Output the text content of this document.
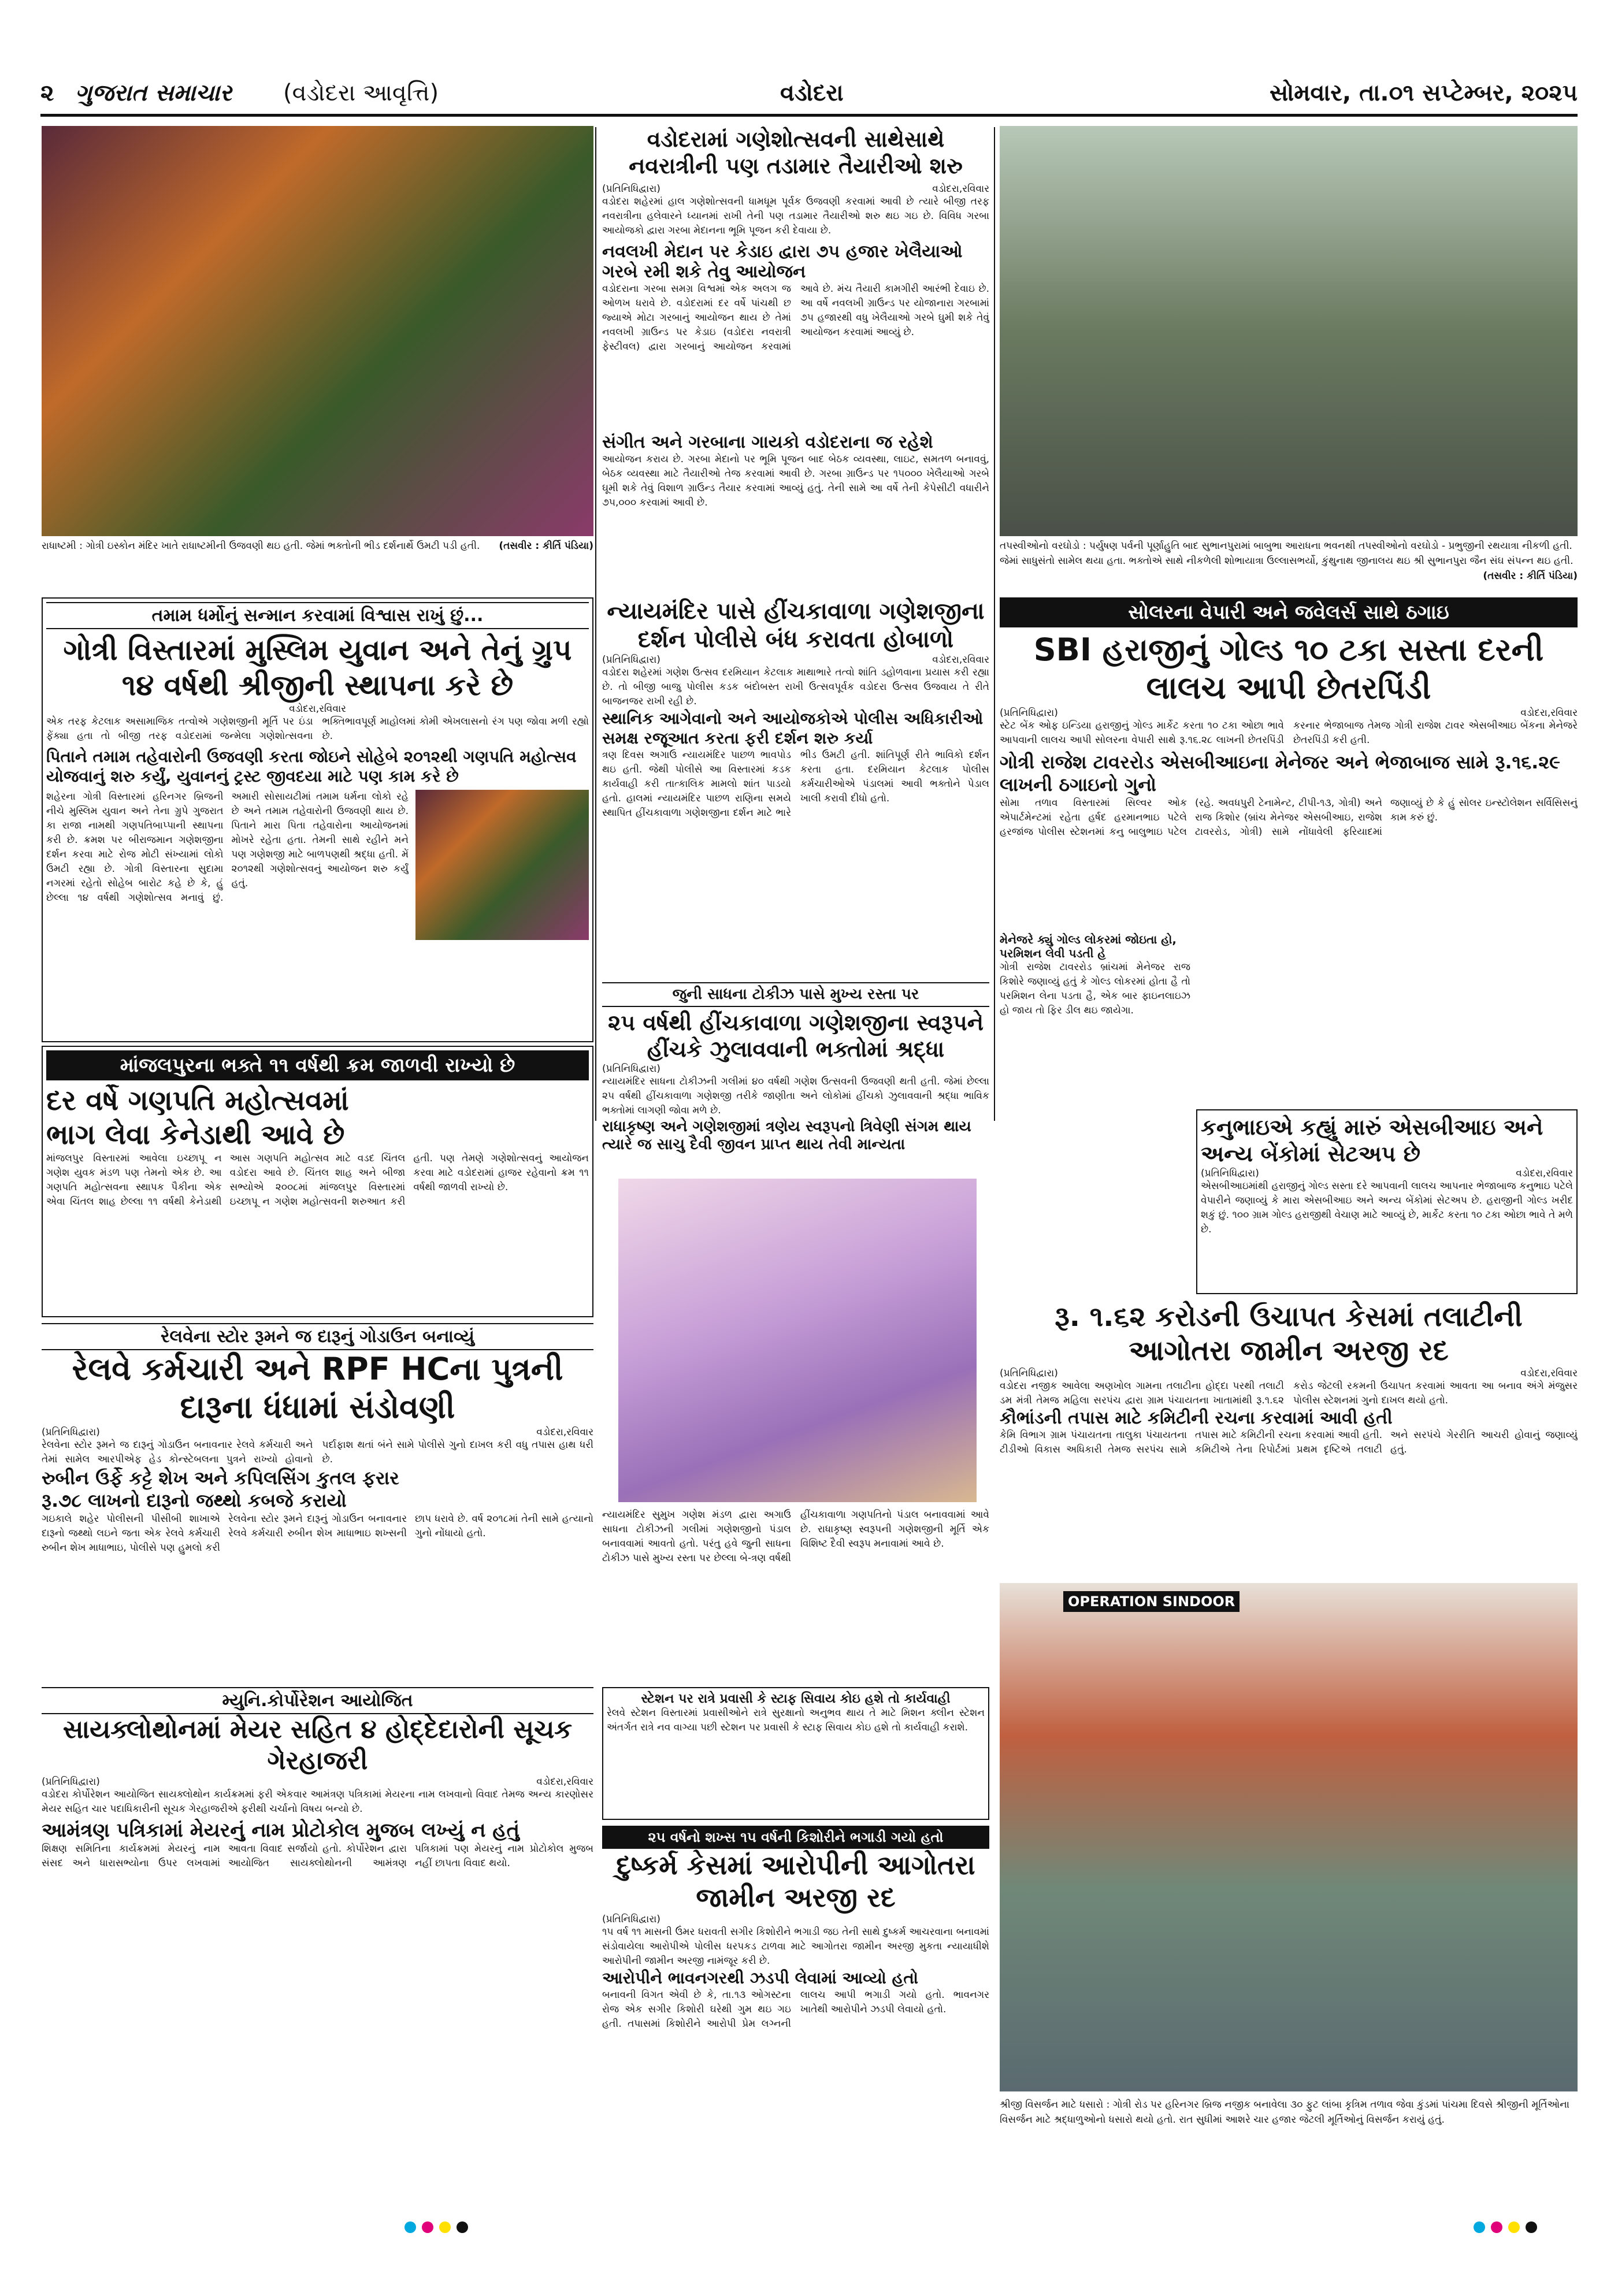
૨ ગુજરાત સમાચાર (વડોદરા આવૃત્તિ)	વડોદરા	સોમવાર, તા.૦૧ સપ્ટેમ્બર, ૨૦૨૫
રાધાષ્ટમી : ગોત્રી ઇસ્કોન મંદિર ખાતે રાધાષ્ટમીની ઉજવણી થઇ હતી. જેમાં ભક્તોની ભીડ દર્શનાર્થે ઉમટી પડી હતી. (તસવીર : કીર્તિ પંડિયા)
વડોદરામાં ગણેશોત્સવની સાથેસાથે નવરાત્રીની પણ તડામાર તૈયારીઓ શરુ
(પ્રતિનિધિદ્વારા)	વડોદરા,રવિવાર
વડોદરા શહેરમાં હાલ ગણેશોત્સવની ધામધૂમ પૂર્વક ઉજવણી કરવામાં આવી છે ત્યારે બીજી તરફ નવરાત્રીના હલેવારને ધ્યાનમાં રાખી તેની પણ તડામાર તૈયારીઓ શરુ થઇ ગઇ છે. વિવિધ ગરબા આયોજકો દ્વારા ગરબા મેદાનના ભૂમિ પૂજન કરી દેવાયા છે.
નવલખી મેદાન પર કેડાઇ દ્વારા ૭૫ હજાર ખેલૈયાઓ ગરબે રમી શકે તેવુ આયોજન
વડોદરાના ગરબા સમગ્ર વિશ્વમાં એક અલગ જ ઓળખ ધરાવે છે. વડોદરામાં દર વર્ષે પાંચથી છ જ્યાએ મોટા ગરબાનું આયોજન થાય છે તેમાં નવલખી ગ્રાઉન્ડ પર કેડાઇ (વડોદરા નવરાત્રી ફેસ્ટીવલ) દ્વારા ગરબાનું આયોજન કરવામાં આવે છે. મંચ તૈયારી કામગીરી આરંભી દેવાઇ છે. આ વર્ષે નવલખી ગ્રાઉન્ડ પર યોજાનારા ગરબામાં ૭૫ હજારથી વધુ ખેલૈયાઓ ગરબે ઘુમી શકે તેવું આયોજન કરવામાં આવ્યું છે.
સંગીત અને ગરબાના ગાયકો વડોદરાના જ રહેશે
આયોજન કરાય છે. ગરબા મેદાનો પર ભૂમિ પૂજન બાદ બેઠક વ્યવસ્થા, લાઇટ, સમતળ બનાવવું, બેઠક વ્યવસ્થા માટે તૈયારીઓ તેજ કરવામાં આવી છે. ગરબા ગ્રાઉન્ડ પર ૧૫૦૦૦ ખેલૈયાઓ ગરબે ઘૂમી શકે તેવું વિશાળ ગ્રાઉન્ડ તૈયાર કરવામાં આવ્યું હતું. તેની સામે આ વર્ષે તેની કેપેસીટી વધારીને ૭૫,૦૦૦ કરવામાં આવી છે.
તપસ્વીઓનો વરઘોડો : પર્યુષણ પર્વની પૂર્ણાહુતિ બાદ સુભાનપુરામાં બાબુભા આરાધના ભવનથી તપસ્વીઓનો વરઘોડો - પ્રભુજીની રથયાત્રા નીકળી હતી. જેમાં સાધુસંતો સામેલ થયા હતા. ભક્તોએ સાથે નીકળેલી શોભાયાત્રા ઉલ્લાસભર્યો, કુંથુનાથ જીનાલય થઇ શ્રી સુભાનપુરા જૈન સંઘ સંપન્ન થઇ હતી.
(તસવીર : કીર્તિ પંડિયા)
તમામ ધર્મોનું સન્માન કરવામાં વિશ્વાસ રાખું છું...
ગોત્રી વિસ્તારમાં મુસ્લિમ યુવાન અને તેનું ગ્રુપ ૧૪ વર્ષથી શ્રીજીની સ્થાપના કરે છે
વડોદરા,રવિવાર
એક તરફ કેટલાક અસામાજિક તત્વોએ ગણેશજીની મૂર્તિ પર ઇંડા ફેંક્યા હતા તો બીજી તરફ વડોદરામાં જન્મેલા ગણેશોત્સવના ભક્તિભાવપૂર્ણ માહોલમાં કોમી એખલાસનો રંગ પણ જોવા મળી રહ્યો છે.
પિતાને તમામ તહેવારોની ઉજવણી કરતા જોઇને સોહેબે ૨૦૧૨થી ગણપતિ મહોત્સવ યોજવાનું શરુ કર્યું, યુવાનનું ટ્રસ્ટ જીવદયા માટે પણ કામ કરે છે
શહેરના ગોત્રી વિસ્તારમાં હરિનગર બ્રિજની નીચે મુસ્લિમ યુવાન અને તેના ગ્રુપે ગુજરાત કા રાજા નામથી ગણપતિબાપ્પાની સ્થાપના કરી છે. ક્રમશ પર બીરાજમાન ગણેશજીના દર્શન કરવા માટે રોજ મોટી સંખ્યામાં લોકો ઉમટી રહ્યા છે. ગોત્રી વિસ્તારના સુદામા નગરમાં રહેતો સોહેબ બારોટ કહે છે કે, હું છેલ્લા ૧૪ વર્ષથી ગણેશોત્સવ મનાવું છું. અમારી સોસાયટીમાં તમામ ધર્મના લોકો રહે છે અને તમામ તહેવારોની ઉજવણી થાય છે. પિતાને મારા પિતા તહેવારોના આયોજનમાં મોખરે રહેતા હતા. તેમની સાથે રહીને મને પણ ગણેશજી માટે બાળપણથી શ્રદ્ધા હતી. મેં ૨૦૧૨થી ગણેશોત્સવનું આયોજન શરુ કર્યું હતું.
માંજલપુરના ભક્તે ૧૧ વર્ષથી ક્રમ જાળવી રાખ્યો છે
દર વર્ષે ગણપતિ મહોત્સવમાં ભાગ લેવા કેનેડાથી આવે છે
માંજલપુર વિસ્તારમાં આવેલા ઇચ્છાપૂ ન ગણેશ યુવક મંડળ પણ તેમનો એક છે. આ ગણપતિ મહોત્સવના સ્થાપક પૈકીના એક એવા ચિંતલ શાહ છેલ્લા ૧૧ વર્ષથી કેનેડાથી આસ ગણપતિ મહોત્સવ માટે વડદ ચિંતલ વડોદરા આવે છે. ચિંતલ શાહ અને બીજા સભ્યોએ ૨૦૦૮માં માંજલપુર વિસ્તારમાં ઇચ્છાપૂ ન ગણેશ મહોત્સવની શરુઆત કરી હતી. પણ તેમણે ગણેશોત્સવનું આયોજન કરવા માટે વડોદરામાં હાજર રહેવાનો ક્રમ ૧૧ વર્ષથી જાળવી રાખ્યો છે.
ન્યાયમંદિર પાસે હીંચકાવાળા ગણેશજીના દર્શન પોલીસે બંધ કરાવતા હોબાળો
(પ્રતિનિધિદ્વારા)	વડોદરા,રવિવાર
વડોદરા શહેરમાં ગણેશ ઉત્સવ દરમિયાન કેટલાક માથાભારે તત્વો શાંતિ ડહોળવાના પ્રયાસ કરી રહ્યા છે. તો બીજી બાજુ પોલીસ કડક બંદોબસ્ત રાખી ઉત્સવપૂર્વક વડોદરા ઉત્સવ ઉજવાય તે રીતે બાજનજર રાખી રહી છે.
સ્થાનિક આગેવાનો અને આયોજકોએ પોલીસ અધિકારીઓ સમક્ષ રજૂઆત કરતા ફરી દર્શન શરુ કર્યા
ત્રણ દિવસ અગાઉ ન્યાયમંદિર પાછળ ભાવપોડ થઇ હતી. જેથી પોલીસે આ વિસ્તારમાં કડક કાર્યવાહી કરી તાત્કાલિક મામલો શાંત પાડયો હતો. હાલમાં ન્યાયમંદિર પાછળ રાણિના સમયે સ્થાપિત હીંચકાવાળા ગણેશજીના દર્શન માટે ભારે ભીડ ઉમટી હતી. શાંતિપૂર્ણ રીતે ભાવિકો દર્શન કરતા હતા. દરમિયાન કેટલાક પોલીસ કર્મચારીઓએ પંડાલમાં આવી ભક્તોને પેડાલ ખાલી કરાવી દીધો હતો.
જુની સાધના ટોકીઝ પાસે મુખ્ય રસ્તા પર
૨૫ વર્ષથી હીંચકાવાળા ગણેશજીના સ્વરૂપને હીંચકે ઝુલાવવાની ભક્તોમાં શ્રદ્ધા
(પ્રતિનિધિદ્વારા)
ન્યાયમંદિર સાધના ટોકીઝની ગલીમાં ૪૦ વર્ષથી ગણેશ ઉત્સવની ઉજવણી થતી હતી. જેમાં છેલ્લા ૨૫ વર્ષથી હીંચકાવાળા ગણેશજી તરીકે જાણીતા અને લોકોમાં હીંચકો ઝુલાવવાની શ્રદ્ધા ભાવિક ભક્તોમાં લાગણી જોવા મળે છે.
રાધાકૃષ્ણ અને ગણેશજીમાં ત્રણેય સ્વરૂપનો ત્રિવેણી સંગમ થાય ત્યારે જ સાચુ દૈવી જીવન પ્રાપ્ત થાય તેવી માન્યતા
ન્યાયમંદિર સુમુખ ગણેશ મંડળ દ્વારા અગાઉ સાધના ટોકીઝની ગલીમાં ગણેશજીનો પંડાલ બનાવવામાં આવતો હતો. પરંતુ હવે જુની સાધના ટોકીઝ પાસે મુખ્ય રસ્તા પર છેલ્લા બે-ત્રણ વર્ષથી હીંચકાવાળા ગણપતિનો પંડાલ બનાવવામાં આવે છે. રાધાકૃષ્ણ સ્વરૂપની ગણેશજીની મૂર્તિ એક વિશિષ્ટ દૈવી સ્વરૂપ મનાવામાં આવે છે.
સોલરના વેપારી અને જવેલર્સ સાથે ઠગાઇ
SBI હરાજીનું ગોલ્ડ ૧૦ ટકા સસ્તા દરની લાલચ આપી છેતરપિંડી
(પ્રતિનિધિદ્વારા)	વડોદરા,રવિવાર
સ્ટેટ બેંક ઓફ ઇન્ડિયા હરાજીનું ગોલ્ડ માર્કેટ કરતા ૧૦ ટકા ઓછા ભાવે આપવાની લાલચ આપી સોલરના વેપારી સાથે રૂ.૧૬.૨૮ લાખની છેતરપિંડી કરનાર ભેજાબાજ તેમજ ગોત્રી રાજેશ ટાવર એસબીઆઇ બેંકના મેનેજરે છેતરપિંડી કરી હતી.
ગોત્રી રાજેશ ટાવરરોડ એસબીઆઇના મેનેજર અને ભેજાબાજ સામે રૂ.૧૬.૨૯ લાખની ઠગાઇનો ગુનો
સોમા તળાવ વિસ્તારમાં સિલ્વર ઓક એપાર્ટમેન્ટમાં રહેતા હર્ષદ હરમાનભાઇ પટેલે હરજાંજ પોલીસ સ્ટેશનમાં કનુ બાલુભાઇ પટેલ (રહે. અવધપુરી ટેનામેન્ટ, ટીપી-૧૩, ગોત્રી) અને રાજ કિશોર (બ્રાંચ મેનેજર એસબીઆઇ, રાજેશ ટાવરરોડ, ગોત્રી) સામે નોંધાવેલી ફરિયાદમાં જણાવ્યું છે કે હું સોલર ઇન્સ્ટોલેશન સર્વિસિસનું કામ કરું છું.
મેનેજરે ક્યું ગોલ્ડ લોકરમાં જોઇતા હો, પરમિશન લેવી પડતી હે
ગોત્રી રાજેશ ટાવરરોડ બ્રાંચમાં મેનેજર રાજ કિશોરે જણાવ્યું હતું કે ગોલ્ડ લોકરમાં હોતા હૈ તો પરમિશન લેના પડતા હૈ, એક બાર ફાઇનલાઇઝ હો જાય તો ફિર ડીલ થઇ જાયેગા.
કનુભાઇએ કહ્યું મારું એસબીઆઇ અને અન્ય બેંકોમાં સેટઅપ છે
(પ્રતિનિધિદ્વારા)	વડોદરા,રવિવાર
એસબીઆઇમાંથી હરાજીનું ગોલ્ડ સસ્તા દરે આપવાની લાલચ આપનાર ભેજાબાજ કનુભાઇ પટેલે વેપારીને જણાવ્યું કે મારા એસબીઆઇ અને અન્ય બેંકોમાં સેટઅપ છે. હરાજીની ગોલ્ડ ખરીદ શકું છું. ૧૦૦ ગ્રામ ગોલ્ડ હરાજીથી વેચાણ માટે આવ્યું છે, માર્કેટ કરતા ૧૦ ટકા ઓછા ભાવે તે મળે છે.
રૂ. ૧.૬૨ કરોડની ઉચાપત કેસમાં તલાટીની આગોતરા જામીન અરજી રદ
(પ્રતિનિધિદ્વારા)	વડોદરા,રવિવાર
વડોદરા નજીક આવેલા અણખોલ ગામના તલાટીના હોદ્દા પરથી તલાટી ડમ મંત્રી તેમજ મહિલા સરપંચ દ્વારા ગ્રામ પંચાયતના ખાતામાંથી રૂ.૧.૬૨ કરોડ જેટલી રકમની ઉચાપત કરવામાં આવતા આ બનાવ અંગે મંજુસર પોલીસ સ્ટેશનમાં ગુનો દાખલ થયો હતો.
કૌભાંડની તપાસ માટે કમિટીની રચના કરવામાં આવી હતી
કેમિ વિભાગ ગ્રામ પંચાયતના તાલુકા પંચાયતના ટીડીઓ વિકાસ અધિકારી તેમજ સરપંચ સામે તપાસ માટે કમિટીની રચના કરવામાં આવી હતી. કમિટીએ તેના રિપોર્ટમાં પ્રથમ દૃષ્ટિએ તલાટી અને સરપંચે ગેરરીતિ આચરી હોવાનું જણાવ્યું હતું.
રેલવેના સ્ટોર રૂમને જ દારૂનું ગોડાઉન બનાવ્યું
રેલવે કર્મચારી અને RPF HCના પુત્રની દારૂના ધંધામાં સંડોવણી
(પ્રતિનિધિદ્વારા)	વડોદરા,રવિવાર
રેલવેના સ્ટોર રૂમને જ દારૂનું ગોડાઉન બનાવનાર રેલવે કર્મચારી અને તેમાં સામેલ આરપીએફ હેડ કોન્સ્ટેબલના પુત્રને રાખ્યો હોવાનો પર્દાફાશ થતાં બંને સામે પોલીસે ગુનો દાખલ કરી વધુ તપાસ હાથ ધરી છે.
રુબીન ઉર્ફે કટ્ટે શેખ અને કપિલસિંગ કુતલ ફરાર
રૂ.૭૮ લાખનો દારૂનો જથ્થો કબજે કરાયો
ગઇકાલે શહેર પોલીસની પીસીબી શાખાએ દારૂનો જથ્થો લઇને જતા એક રેલવે કર્મચારી રુબીન શેખ માધાભાઇ, પોલીસે પણ હુમલો કરી રેલવેના સ્ટોર રૂમને દારૂનું ગોડાઉન બનાવનાર રેલવે કર્મચારી રુબીન શેખ માધાભાઇ શખ્સની છાપ ધરાવે છે. વર્ષ ૨૦૧૮માં તેની સામે હત્યાનો ગુનો નોંધાયો હતો.
મ્યુનિ.કોર્પોરેશન આયોજિત
સાયક્લોથોનમાં મેયર સહિત ૪ હોદ્દેદારોની સૂચક ગેરહાજરી
(પ્રતિનિધિદ્વારા)	વડોદરા,રવિવાર
વડોદરા કોર્પોરેશન આયોજિત સાયક્લોથોન કાર્યક્રમમાં ફરી એકવાર આમંત્રણ પત્રિકામાં મેયરના નામ લખવાનો વિવાદ તેમજ અન્ય કારણોસર મેયર સહિત ચાર પદાધિકારીની સૂચક ગેરહાજરીએ ફરીથી ચર્ચાનો વિષય બન્યો છે.
આમંત્રણ પત્રિકામાં મેયરનું નામ પ્રોટોકોલ મુજબ લખ્યું ન હતું
શિક્ષણ સમિતિના કાર્યક્રમમાં મેયરનું નામ સંસદ અને ધારાસભ્યોના ઉપર લખવામાં આવતા વિવાદ સર્જાયો હતો. કોર્પોરેશન દ્વારા આયોજિત સાયક્લોથોનની આમંત્રણ પત્રિકામાં પણ મેયરનું નામ પ્રોટોકોલ મુજબ નહીં છાપતા વિવાદ થયો.
સ્ટેશન પર રાત્રે પ્રવાસી કે સ્ટાફ સિવાય કોઇ હશે તો કાર્યવાહી
રેલવે સ્ટેશન વિસ્તારમાં પ્રવાસીઓને રાત્રે સુરક્ષાનો અનુભવ થાય તે માટે મિશન ક્લીન સ્ટેશન અંતર્ગત રાત્રે નવ વાગ્યા પછી સ્ટેશન પર પ્રવાસી કે સ્ટાફ સિવાય કોઇ હશે તો કાર્યવાહી કરાશે.
૨૫ વર્ષનો શખ્સ ૧૫ વર્ષની કિશોરીને ભગાડી ગયો હતો
દુષ્કર્મ કેસમાં આરોપીની આગોતરા જામીન અરજી રદ
(પ્રતિનિધિદ્વારા)
૧૫ વર્ષ ૧૧ માસની ઉંમર ધરાવતી સગીર કિશોરીને ભગાડી જઇ તેની સાથે દુષ્કર્મ આચરવાના બનાવમાં સંડોવાયેલા આરોપીએ પોલીસ ધરપકડ ટાળવા માટે આગોતરા જામીન અરજી મુકતા ન્યાયાધીશે આરોપીની જામીન અરજી નામંજૂર કરી છે.
આરોપીને ભાવનગરથી ઝડપી લેવામાં આવ્યો હતો
બનાવની વિગત એવી છે કે, તા.૧૩ ઓગસ્ટના રોજ એક સગીર કિશોરી ઘરેથી ગુમ થઇ ગઇ હતી. તપાસમાં કિશોરીને આરોપી પ્રેમ લગ્નની લાલચ આપી ભગાડી ગયો હતો. ભાવનગર ખાતેથી આરોપીને ઝડપી લેવાયો હતો.
OPERATION SINDOOR
શ્રીજી વિસર્જન માટે ધસારો : ગોત્રી રોડ પર હરિનગર બ્રિજ નજીક બનાવેલા ૩૦ ફુટ લાંબા કૃત્રિમ તળાવ જેવા કુંડમાં પાંચમા દિવસે શ્રીજીની મૂર્તિઓના વિસર્જન માટે શ્રદ્ધાળુઓનો ધસારો થયો હતો. રાત સુધીમાં આશરે ચાર હજાર જેટલી મૂર્તિઓનું વિસર્જન કરાયું હતું.
